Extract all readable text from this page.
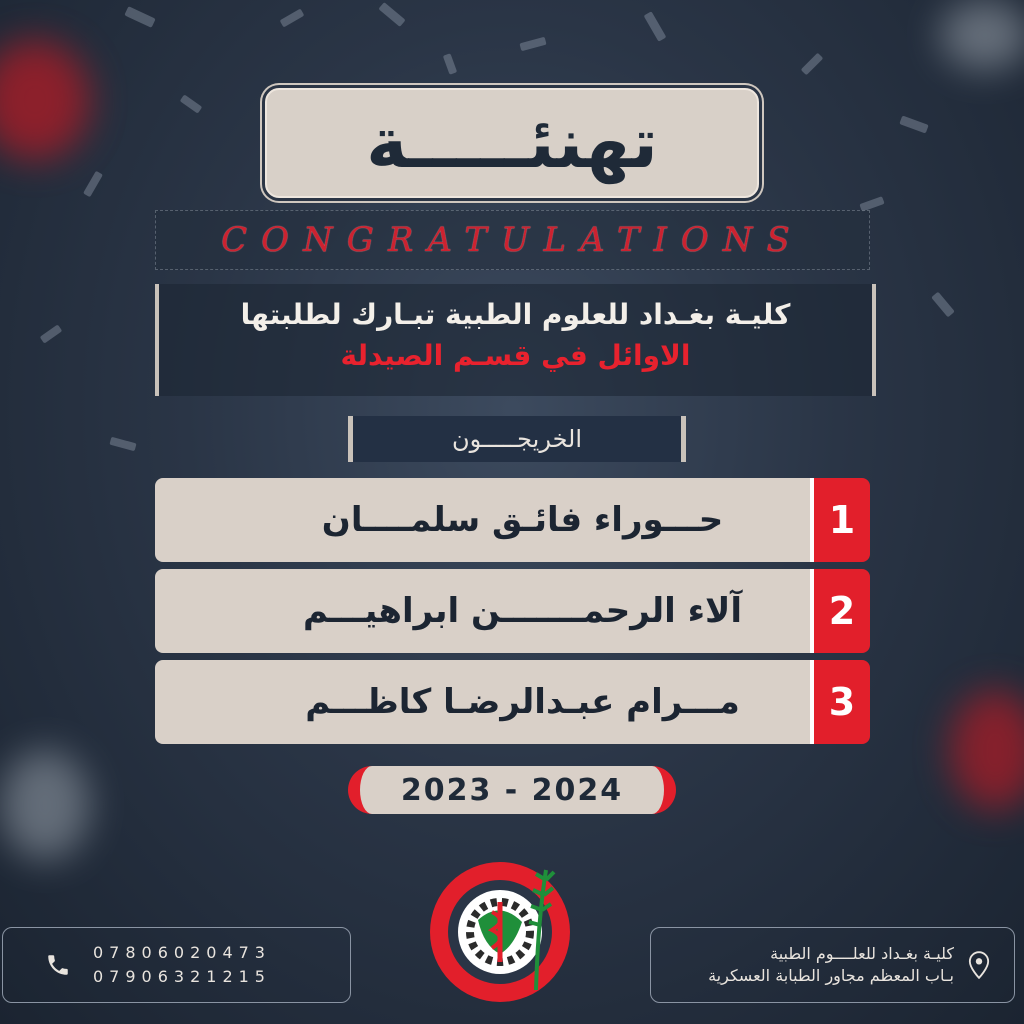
تهنئـــــة
CONGRATULATIONS
كليـة بغـداد للعلوم الطبية تبـارك لطلبتها
الاوائل في قسـم الصيدلة
الخريجـــــون
حـــوراء فائـق سلمــــان	1
آلاء الرحمـــــــن ابراهيـــم	2
مـــرام عبـدالرضـا كاظـــم	3
2023 - 2024
07806020473
07906321215
كليـة بغـداد للعلــــوم الطبية
بـاب المعظم مجاور الطبابة العسكرية
